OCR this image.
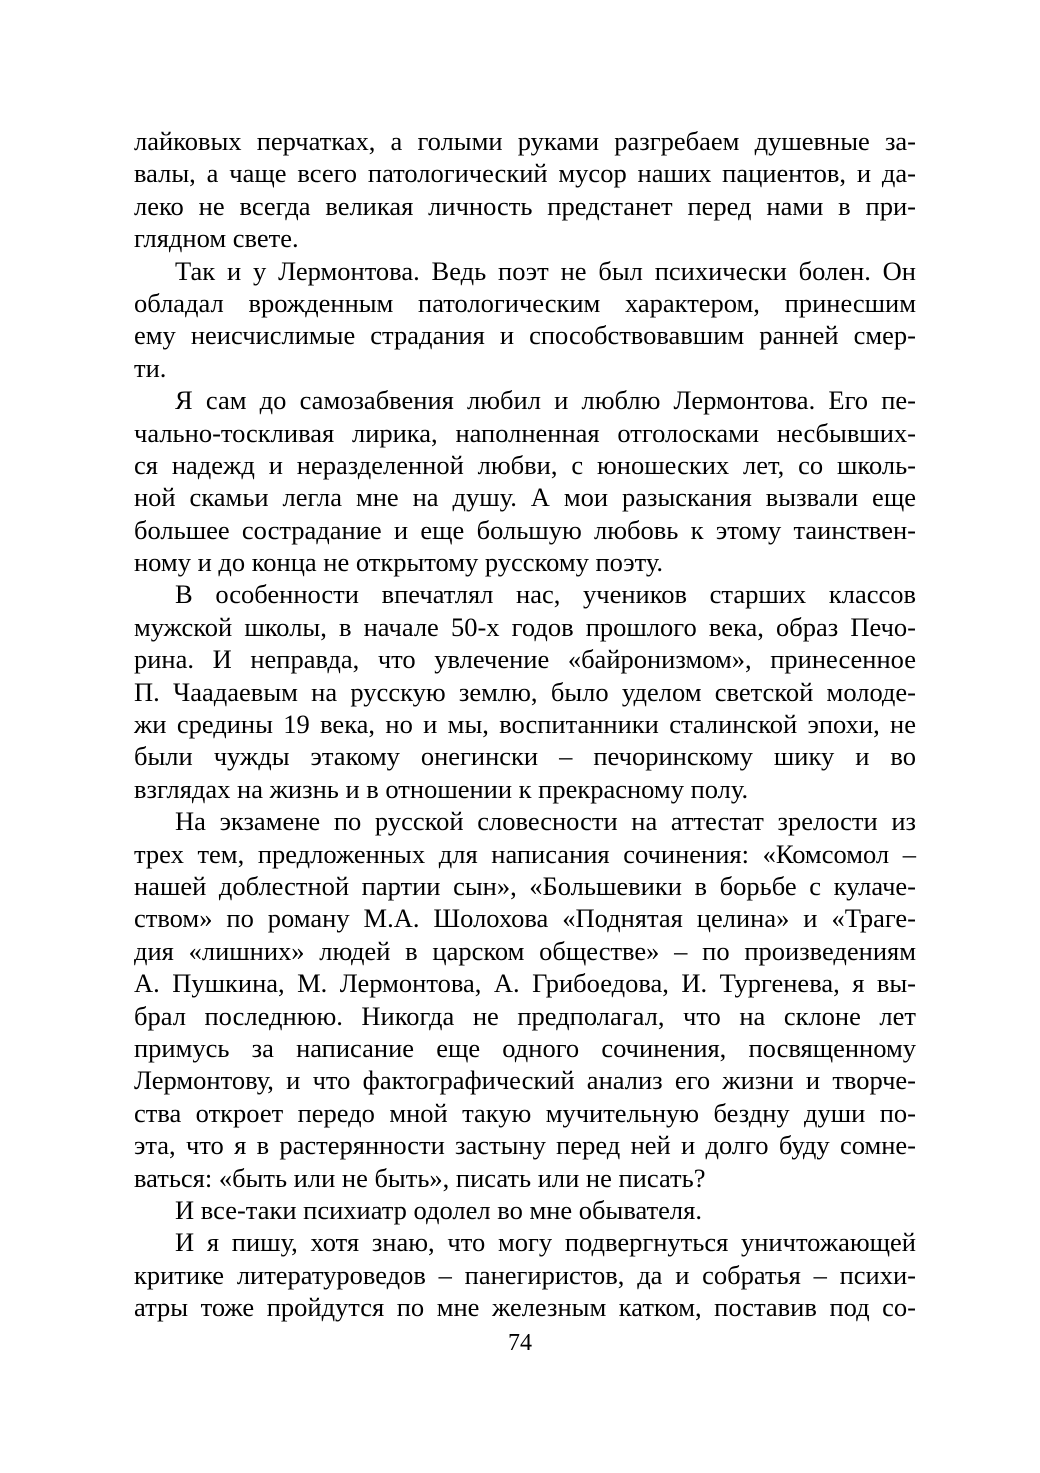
лайковых перчатках, а голыми руками разгребаем душевные за-
валы, а чаще всего патологический мусор наших пациентов, и да-
леко не всегда великая личность предстанет перед нами в при-
глядном свете.
Так и у Лермонтова. Ведь поэт не был психически болен. Он
обладал врожденным патологическим характером, принесшим
ему неисчислимые страдания и способствовавшим ранней смер-
ти.
Я сам до самозабвения любил и люблю Лермонтова. Его пе-
чально-тоскливая лирика, наполненная отголосками несбывших-
ся надежд и неразделенной любви, с юношеских лет, со школь-
ной скамьи легла мне на душу. А мои разыскания вызвали еще
большее сострадание и еще большую любовь к этому таинствен-
ному и до конца не открытому русскому поэту.
В особенности впечатлял нас, учеников старших классов
мужской школы, в начале 50-х годов прошлого века, образ Печо-
рина. И неправда, что увлечение «байронизмом», принесенное
П. Чаадаевым на русскую землю, было уделом светской молоде-
жи средины 19 века, но и мы, воспитанники сталинской эпохи, не
были чужды этакому онегински – печоринскому шику и во
взглядах на жизнь и в отношении к прекрасному полу.
На экзамене по русской словесности на аттестат зрелости из
трех тем, предложенных для написания сочинения: «Комсомол –
нашей доблестной партии сын», «Большевики в борьбе с кулаче-
ством» по роману М.А. Шолохова «Поднятая целина» и «Траге-
дия «лишних» людей в царском обществе» – по произведениям
А. Пушкина, М. Лермонтова, А. Грибоедова, И. Тургенева, я вы-
брал последнюю. Никогда не предполагал, что на склоне лет
примусь за написание еще одного сочинения, посвященному
Лермонтову, и что фактографический анализ его жизни и творче-
ства откроет передо мной такую мучительную бездну души по-
эта, что я в растерянности застыну перед ней и долго буду сомне-
ваться: «быть или не быть», писать или не писать?
И все-таки психиатр одолел во мне обывателя.
И я пишу, хотя знаю, что могу подвергнуться уничтожающей
критике литературоведов – панегиристов, да и собратья – психи-
атры тоже пройдутся по мне железным катком, поставив под со-
74
